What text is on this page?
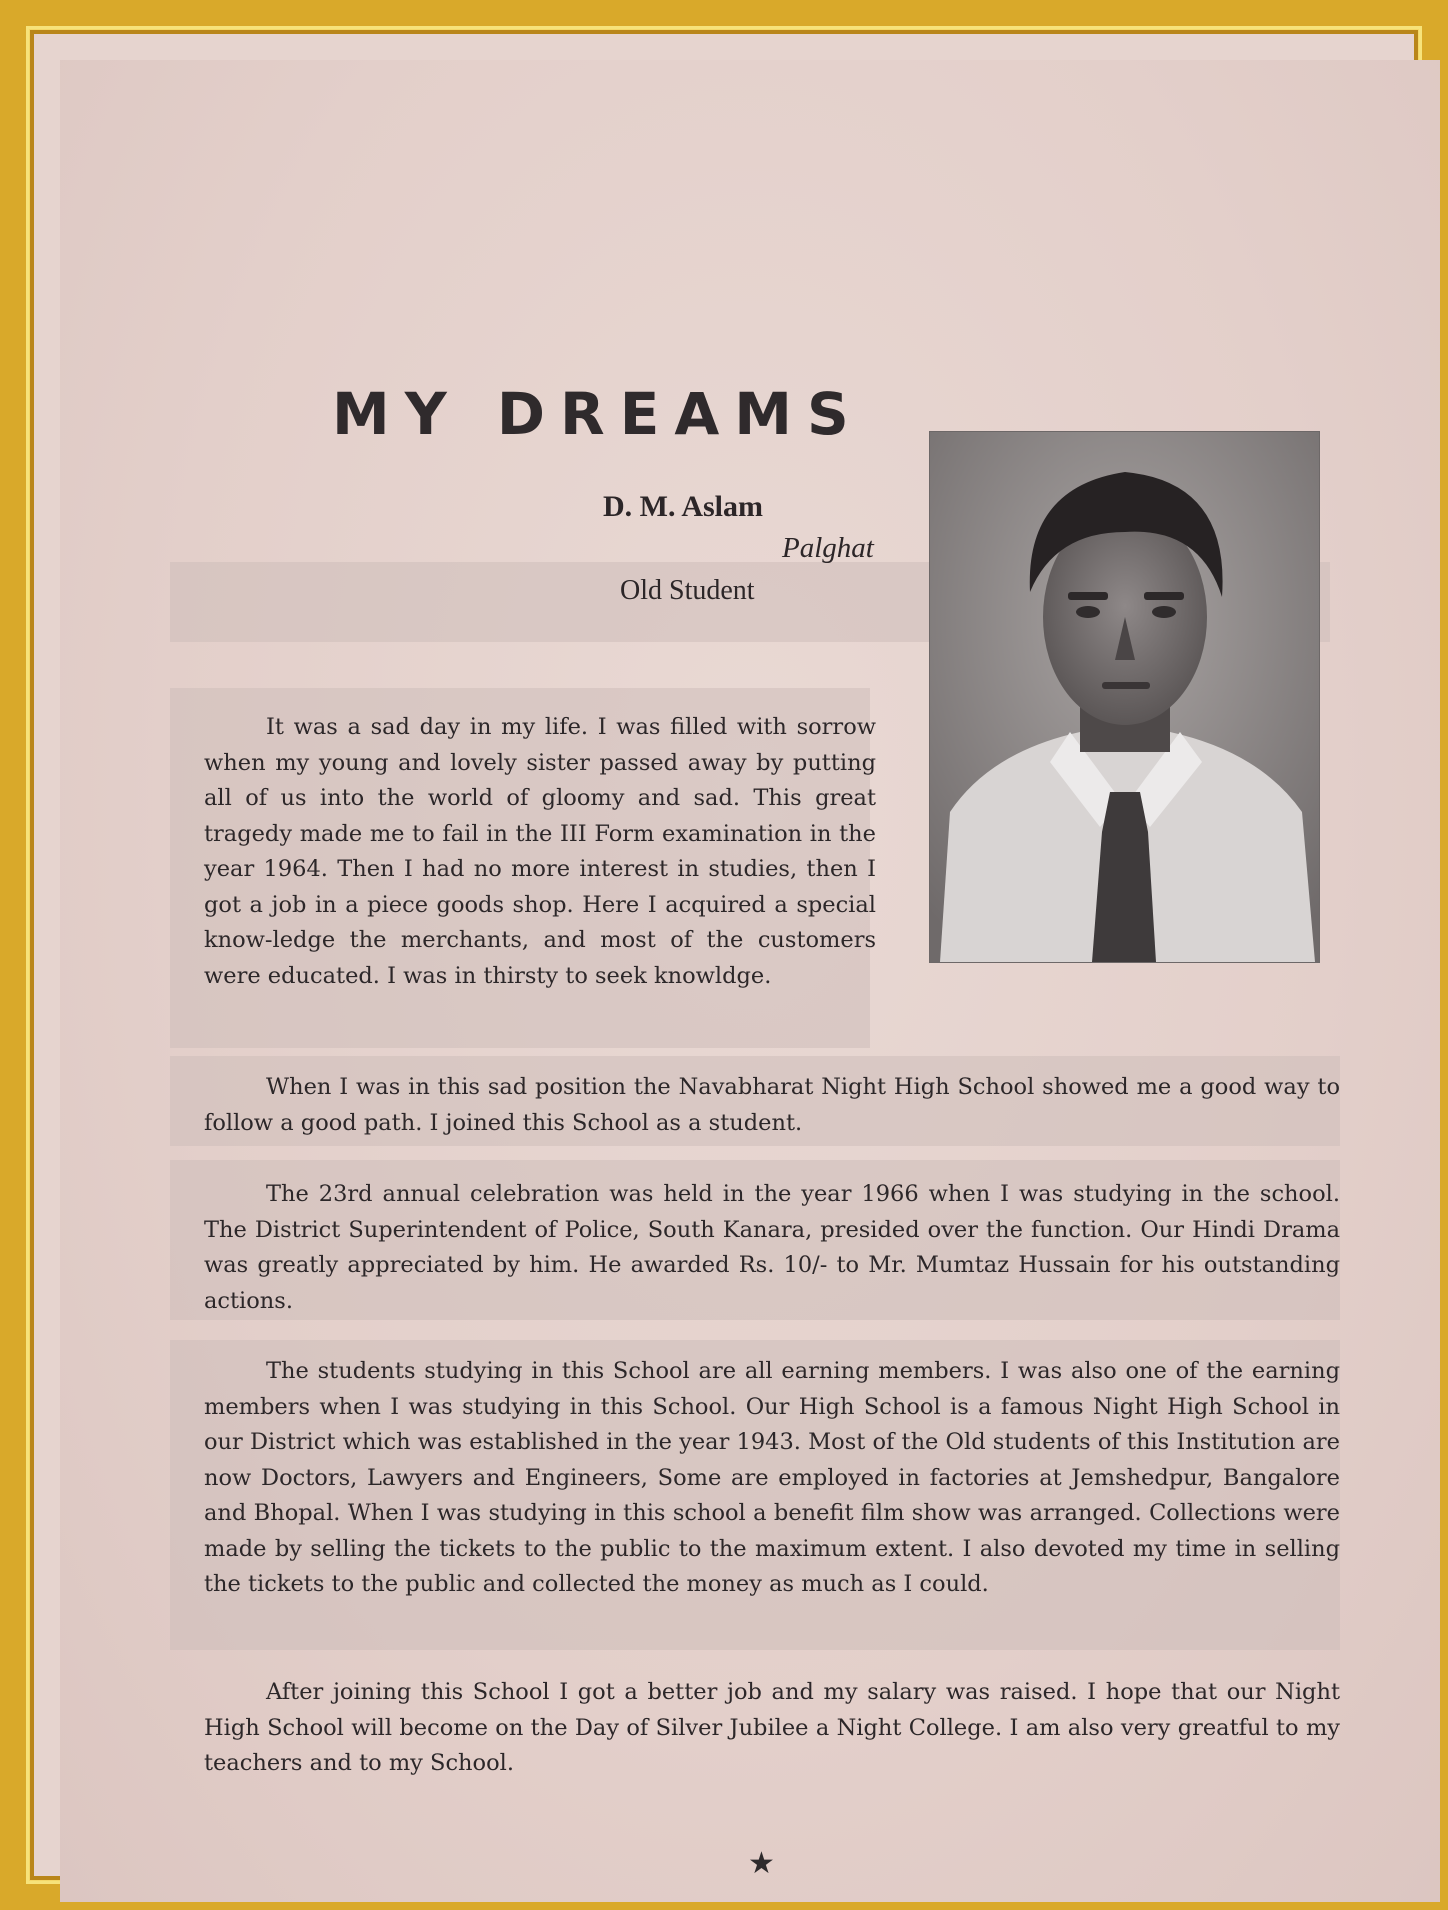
MY DREAMS
D. M. Aslam
Palghat
Old Student

It was a sad day in my life. I was filled with sorrow when my young and lovely sister passed away by putting all of us into the world of gloomy and sad. This great tragedy made me to fail in the III Form examination in the year 1964. Then I had no more interest in studies, then I got a job in a piece goods shop. Here I acquired a special know-ledge the merchants, and most of the customers were educated. I was in thirsty to seek knowldge.

When I was in this sad position the Navabharat Night High School showed me a good way to follow a good path. I joined this School as a student.

The 23rd annual celebration was held in the year 1966 when I was studying in the school. The District Superintendent of Police, South Kanara, presided over the function. Our Hindi Drama was greatly appreciated by him. He awarded Rs. 10/- to Mr. Mumtaz Hussain for his outstanding actions.

The students studying in this School are all earning members. I was also one of the earning members when I was studying in this School. Our High School is a famous Night High School in our District which was established in the year 1943. Most of the Old students of this Institution are now Doctors, Lawyers and Engineers, Some are employed in factories at Jemshedpur, Bangalore and Bhopal. When I was studying in this school a benefit film show was arranged. Collections were made by selling the tickets to the public to the maximum extent. I also devoted my time in selling the tickets to the public and collected the money as much as I could.

After joining this School I got a better job and my salary was raised. I hope that our Night High School will become on the Day of Silver Jubilee a Night College. I am also very greatful to my teachers and to my School.

★
